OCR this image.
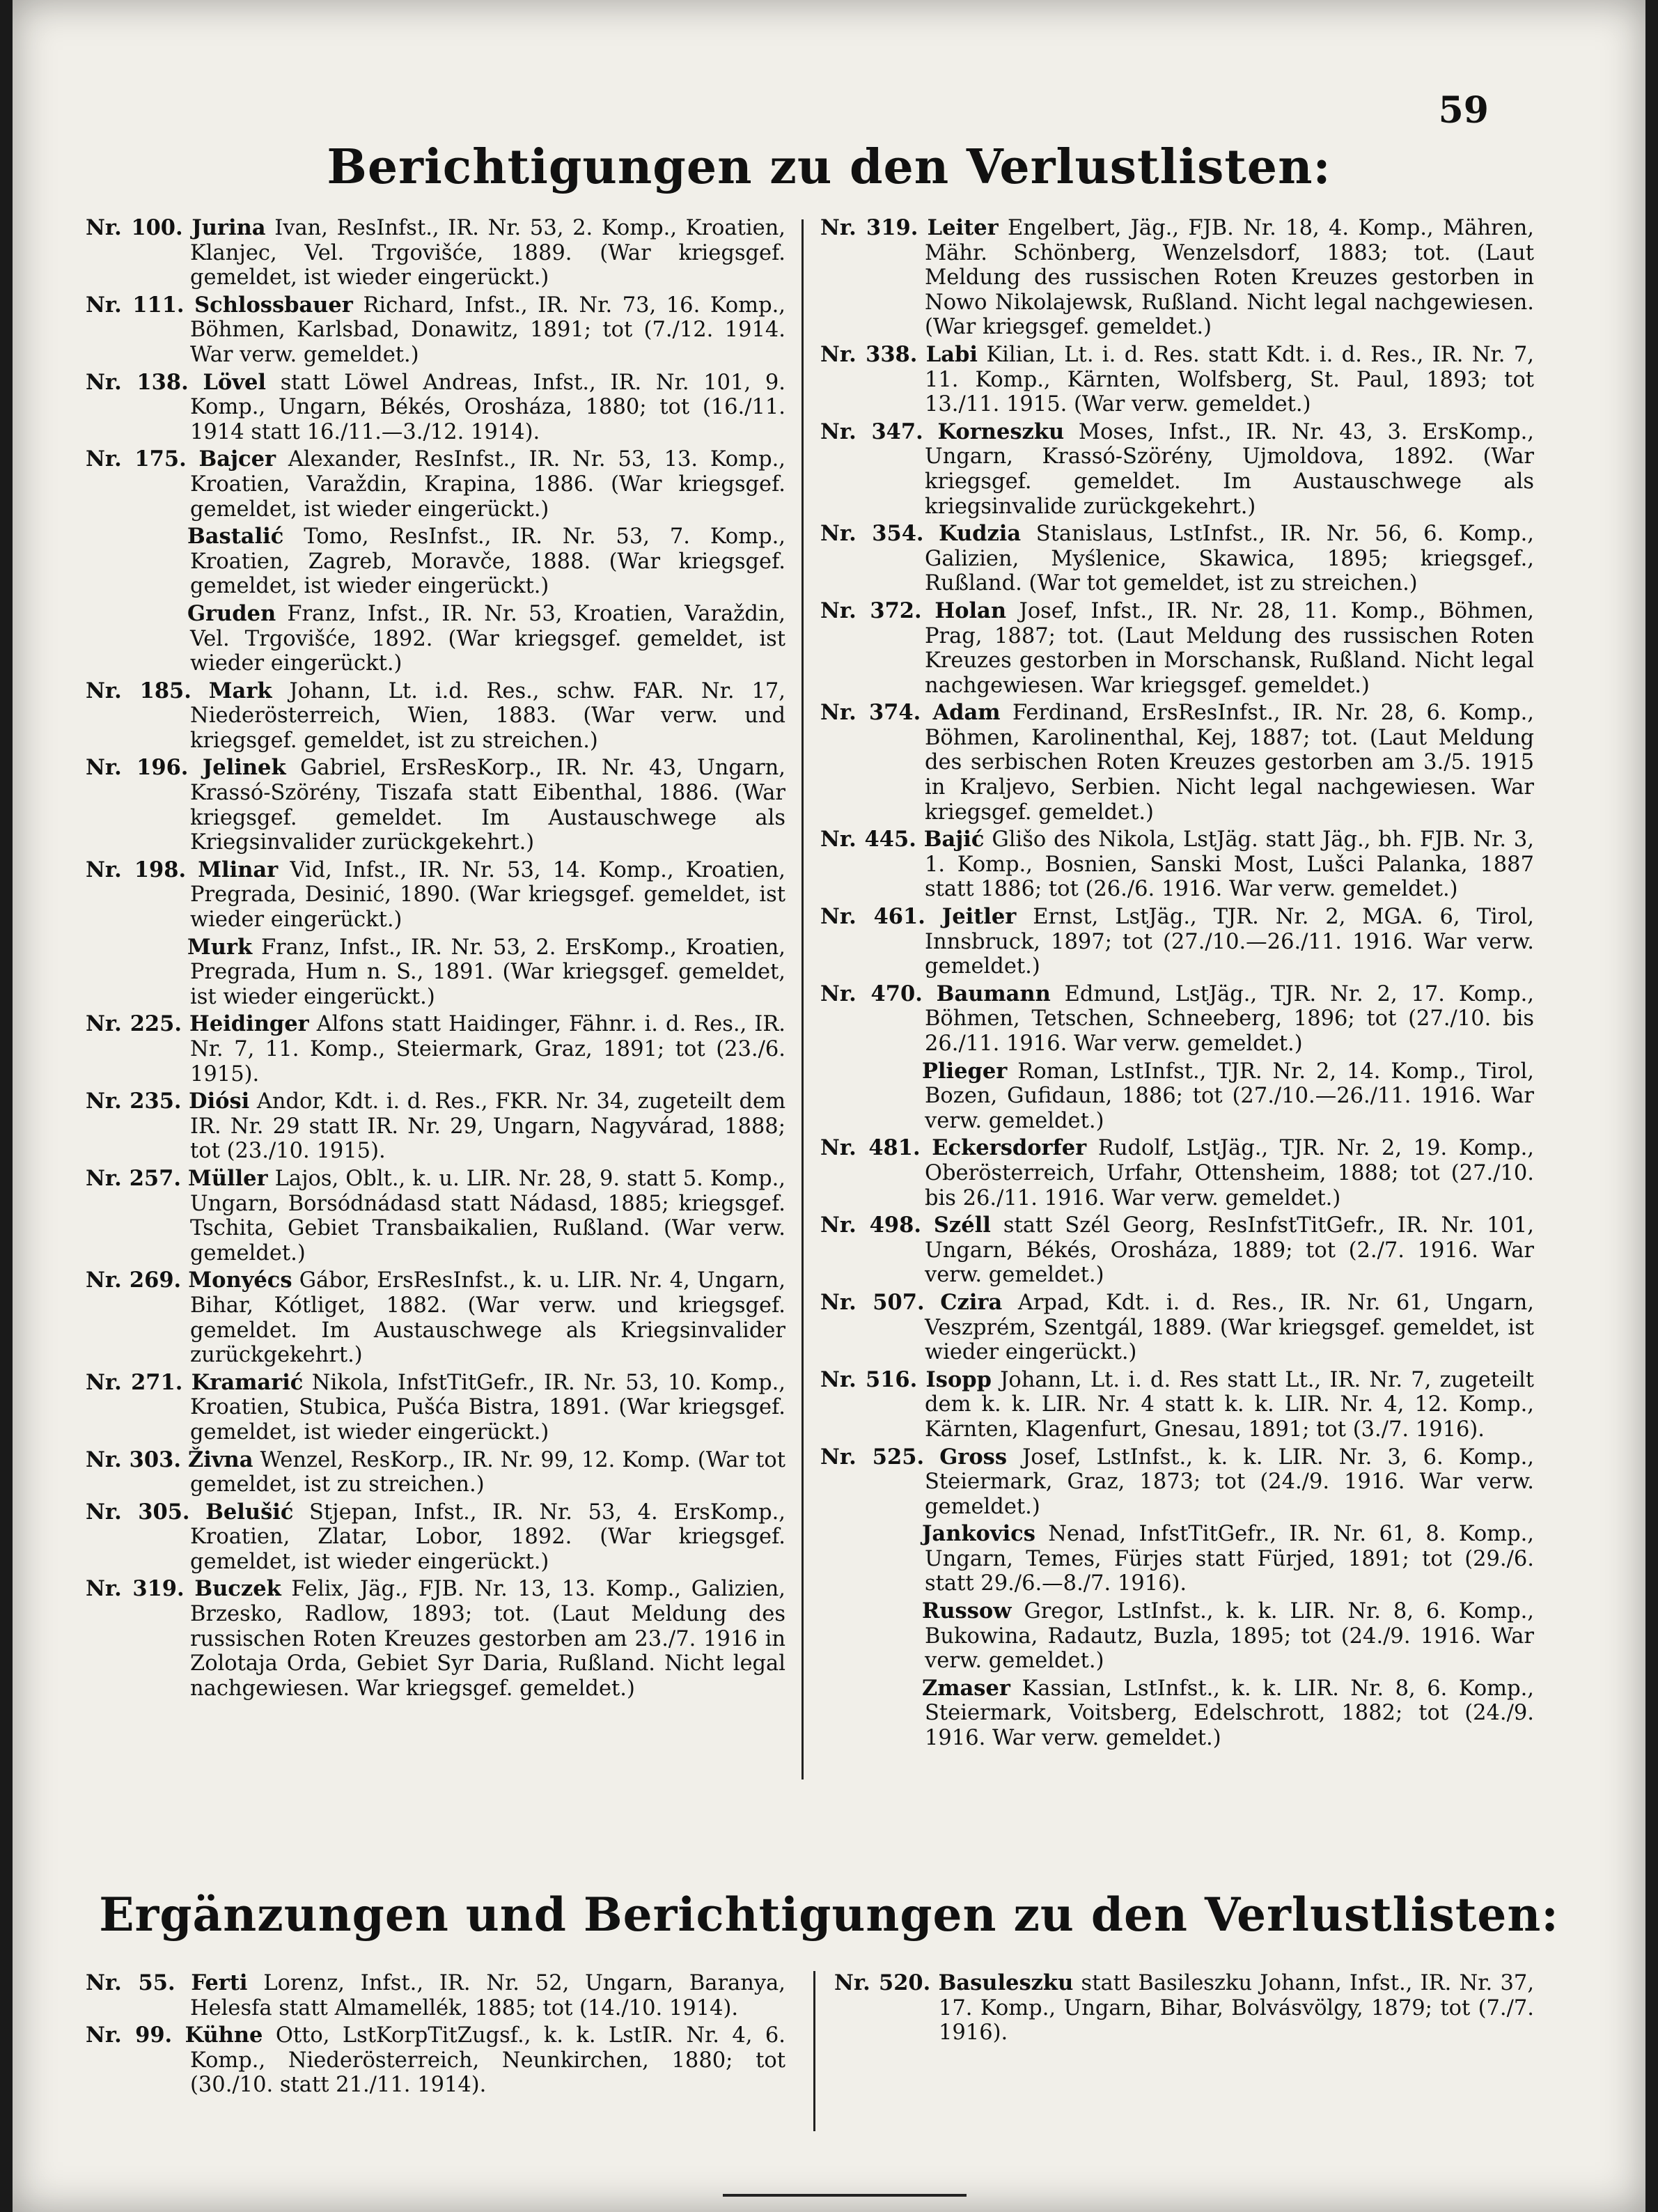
59
Berichtigungen zu den Verlustlisten:

Nr. 100. Jurina Ivan, ResInfst., IR. Nr. 53, 2. Komp., Kroatien, Klanjec, Vel. Trgovišće, 1889. (War kriegsgef. gemeldet, ist wieder eingerückt.)

Nr. 111. Schlossbauer Richard, Infst., IR. Nr. 73, 16. Komp., Böhmen, Karlsbad, Donawitz, 1891; tot (7./12. 1914. War verw. gemeldet.)

Nr. 138. Lövel statt Löwel Andreas, Infst., IR. Nr. 101, 9. Komp., Ungarn, Békés, Orosháza, 1880; tot (16./11. 1914 statt 16./11.—3./12. 1914).

Nr. 175. Bajcer Alexander, ResInfst., IR. Nr. 53, 13. Komp., Kroatien, Varaždin, Krapina, 1886. (War kriegsgef. gemeldet, ist wieder eingerückt.)

Bastalić Tomo, ResInfst., IR. Nr. 53, 7. Komp., Kroatien, Zagreb, Moravče, 1888. (War kriegsgef. gemeldet, ist wieder eingerückt.)

Gruden Franz, Infst., IR. Nr. 53, Kroatien, Varaždin, Vel. Trgovišće, 1892. (War kriegsgef. gemeldet, ist wieder eingerückt.)

Nr. 185. Mark Johann, Lt. i.d. Res., schw. FAR. Nr. 17, Niederösterreich, Wien, 1883. (War verw. und kriegsgef. gemeldet, ist zu streichen.)

Nr. 196. Jelinek Gabriel, ErsResKorp., IR. Nr. 43, Ungarn, Krassó-Szörény, Tiszafa statt Eibenthal, 1886. (War kriegsgef. gemeldet. Im Austauschwege als Kriegsinvalider zurückgekehrt.)

Nr. 198. Mlinar Vid, Infst., IR. Nr. 53, 14. Komp., Kroatien, Pregrada, Desinić, 1890. (War kriegsgef. gemeldet, ist wieder eingerückt.)

Murk Franz, Infst., IR. Nr. 53, 2. ErsKomp., Kroatien, Pregrada, Hum n. S., 1891. (War kriegsgef. gemeldet, ist wieder eingerückt.)

Nr. 225. Heidinger Alfons statt Haidinger, Fähnr. i. d. Res., IR. Nr. 7, 11. Komp., Steiermark, Graz, 1891; tot (23./6. 1915).

Nr. 235. Diósi Andor, Kdt. i. d. Res., FKR. Nr. 34, zugeteilt dem IR. Nr. 29 statt IR. Nr. 29, Ungarn, Nagyvárad, 1888; tot (23./10. 1915).

Nr. 257. Müller Lajos, Oblt., k. u. LIR. Nr. 28, 9. statt 5. Komp., Ungarn, Borsódnádasd statt Nádasd, 1885; kriegsgef. Tschita, Gebiet Transbaikalien, Rußland. (War verw. gemeldet.)

Nr. 269. Monyécs Gábor, ErsResInfst., k. u. LIR. Nr. 4, Ungarn, Bihar, Kótliget, 1882. (War verw. und kriegsgef. gemeldet. Im Austauschwege als Kriegsinvalider zurückgekehrt.)

Nr. 271. Kramarić Nikola, InfstTitGefr., IR. Nr. 53, 10. Komp., Kroatien, Stubica, Pušća Bistra, 1891. (War kriegsgef. gemeldet, ist wieder eingerückt.)

Nr. 303. Živna Wenzel, ResKorp., IR. Nr. 99, 12. Komp. (War tot gemeldet, ist zu streichen.)

Nr. 305. Belušić Stjepan, Infst., IR. Nr. 53, 4. ErsKomp., Kroatien, Zlatar, Lobor, 1892. (War kriegsgef. gemeldet, ist wieder eingerückt.)

Nr. 319. Buczek Felix, Jäg., FJB. Nr. 13, 13. Komp., Galizien, Brzesko, Radlow, 1893; tot. (Laut Meldung des russischen Roten Kreuzes gestorben am 23./7. 1916 in Zolotaja Orda, Gebiet Syr Daria, Rußland. Nicht legal nachgewiesen. War kriegsgef. gemeldet.)

Nr. 319. Leiter Engelbert, Jäg., FJB. Nr. 18, 4. Komp., Mähren, Mähr. Schönberg, Wenzelsdorf, 1883; tot. (Laut Meldung des russischen Roten Kreuzes gestorben in Nowo Nikolajewsk, Rußland. Nicht legal nachgewiesen. (War kriegsgef. gemeldet.)

Nr. 338. Labi Kilian, Lt. i. d. Res. statt Kdt. i. d. Res., IR. Nr. 7, 11. Komp., Kärnten, Wolfsberg, St. Paul, 1893; tot 13./11. 1915. (War verw. gemeldet.)

Nr. 347. Korneszku Moses, Infst., IR. Nr. 43, 3. ErsKomp., Ungarn, Krassó-Szörény, Ujmoldova, 1892. (War kriegsgef. gemeldet. Im Austauschwege als kriegsinvalide zurückgekehrt.)

Nr. 354. Kudzia Stanislaus, LstInfst., IR. Nr. 56, 6. Komp., Galizien, Myślenice, Skawica, 1895; kriegsgef., Rußland. (War tot gemeldet, ist zu streichen.)

Nr. 372. Holan Josef, Infst., IR. Nr. 28, 11. Komp., Böhmen, Prag, 1887; tot. (Laut Meldung des russischen Roten Kreuzes gestorben in Morschansk, Rußland. Nicht legal nachgewiesen. War kriegsgef. gemeldet.)

Nr. 374. Adam Ferdinand, ErsResInfst., IR. Nr. 28, 6. Komp., Böhmen, Karolinenthal, Kej, 1887; tot. (Laut Meldung des serbischen Roten Kreuzes gestorben am 3./5. 1915 in Kraljevo, Serbien. Nicht legal nachgewiesen. War kriegsgef. gemeldet.)

Nr. 445. Bajić Glišo des Nikola, LstJäg. statt Jäg., bh. FJB. Nr. 3, 1. Komp., Bosnien, Sanski Most, Lušci Palanka, 1887 statt 1886; tot (26./6. 1916. War verw. gemeldet.)

Nr. 461. Jeitler Ernst, LstJäg., TJR. Nr. 2, MGA. 6, Tirol, Innsbruck, 1897; tot (27./10.—26./11. 1916. War verw. gemeldet.)

Nr. 470. Baumann Edmund, LstJäg., TJR. Nr. 2, 17. Komp., Böhmen, Tetschen, Schneeberg, 1896; tot (27./10. bis 26./11. 1916. War verw. gemeldet.)

Plieger Roman, LstInfst., TJR. Nr. 2, 14. Komp., Tirol, Bozen, Gufidaun, 1886; tot (27./10.—26./11. 1916. War verw. gemeldet.)

Nr. 481. Eckersdorfer Rudolf, LstJäg., TJR. Nr. 2, 19. Komp., Oberösterreich, Urfahr, Ottensheim, 1888; tot (27./10. bis 26./11. 1916. War verw. gemeldet.)

Nr. 498. Széll statt Szél Georg, ResInfstTitGefr., IR. Nr. 101, Ungarn, Békés, Orosháza, 1889; tot (2./7. 1916. War verw. gemeldet.)

Nr. 507. Czira Arpad, Kdt. i. d. Res., IR. Nr. 61, Ungarn, Veszprém, Szentgál, 1889. (War kriegsgef. gemeldet, ist wieder eingerückt.)

Nr. 516. Isopp Johann, Lt. i. d. Res statt Lt., IR. Nr. 7, zugeteilt dem k. k. LIR. Nr. 4 statt k. k. LIR. Nr. 4, 12. Komp., Kärnten, Klagenfurt, Gnesau, 1891; tot (3./7. 1916).

Nr. 525. Gross Josef, LstInfst., k. k. LIR. Nr. 3, 6. Komp., Steiermark, Graz, 1873; tot (24./9. 1916. War verw. gemeldet.)

Jankovics Nenad, InfstTitGefr., IR. Nr. 61, 8. Komp., Ungarn, Temes, Fürjes statt Fürjed, 1891; tot (29./6. statt 29./6.—8./7. 1916).

Russow Gregor, LstInfst., k. k. LIR. Nr. 8, 6. Komp., Bukowina, Radautz, Buzla, 1895; tot (24./9. 1916. War verw. gemeldet.)

Zmaser Kassian, LstInfst., k. k. LIR. Nr. 8, 6. Komp., Steiermark, Voitsberg, Edelschrott, 1882; tot (24./9. 1916. War verw. gemeldet.)

Ergänzungen und Berichtigungen zu den Verlustlisten:

Nr. 55. Ferti Lorenz, Infst., IR. Nr. 52, Ungarn, Baranya, Helesfa statt Almamellék, 1885; tot (14./10. 1914).

Nr. 99. Kühne Otto, LstKorpTitZugsf., k. k. LstIR. Nr. 4, 6. Komp., Niederösterreich, Neunkirchen, 1880; tot (30./10. statt 21./11. 1914).

Nr. 520. Basuleszku statt Basileszku Johann, Infst., IR. Nr. 37, 17. Komp., Ungarn, Bihar, Bolvásvölgy, 1879; tot (7./7. 1916).
